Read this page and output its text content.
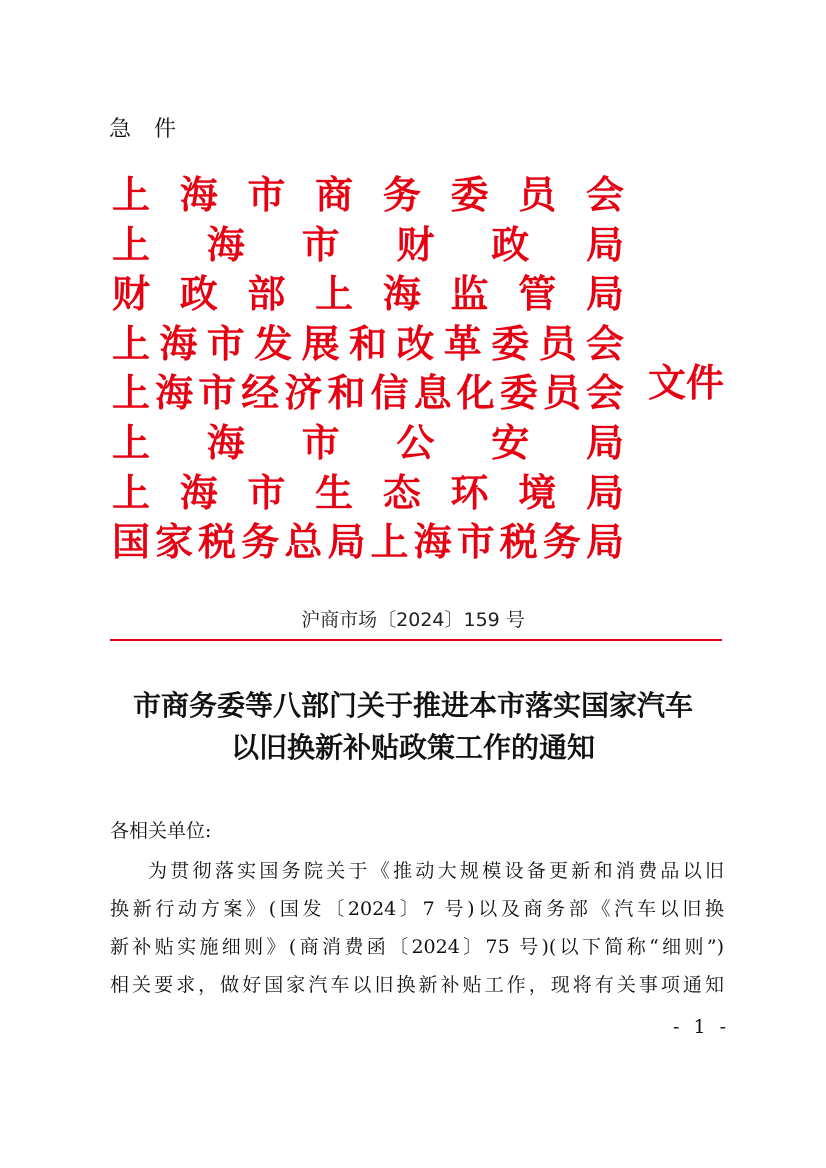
急 件
上海市商务委员会
上海市财政局
财政部上海监管局
上海市发展和改革委员会
上海市经济和信息化委员会
上海市公安局
上海市生态环境局
国家税务总局上海市税务局
文件
沪商市场〔2024〕159 号
市商务委等八部门关于推进本市落实国家汽车
以旧换新补贴政策工作的通知
各相关单位:
为贯彻落实国务院关于《推动大规模设备更新和消费品以旧
换新行动方案》(国发〔2024〕7 号)以及商务部《汽车以旧换
新补贴实施细则》(商消费函〔2024〕75 号)(以下简称“细则”)
相关要求，做好国家汽车以旧换新补贴工作，现将有关事项通知
- 1 -
